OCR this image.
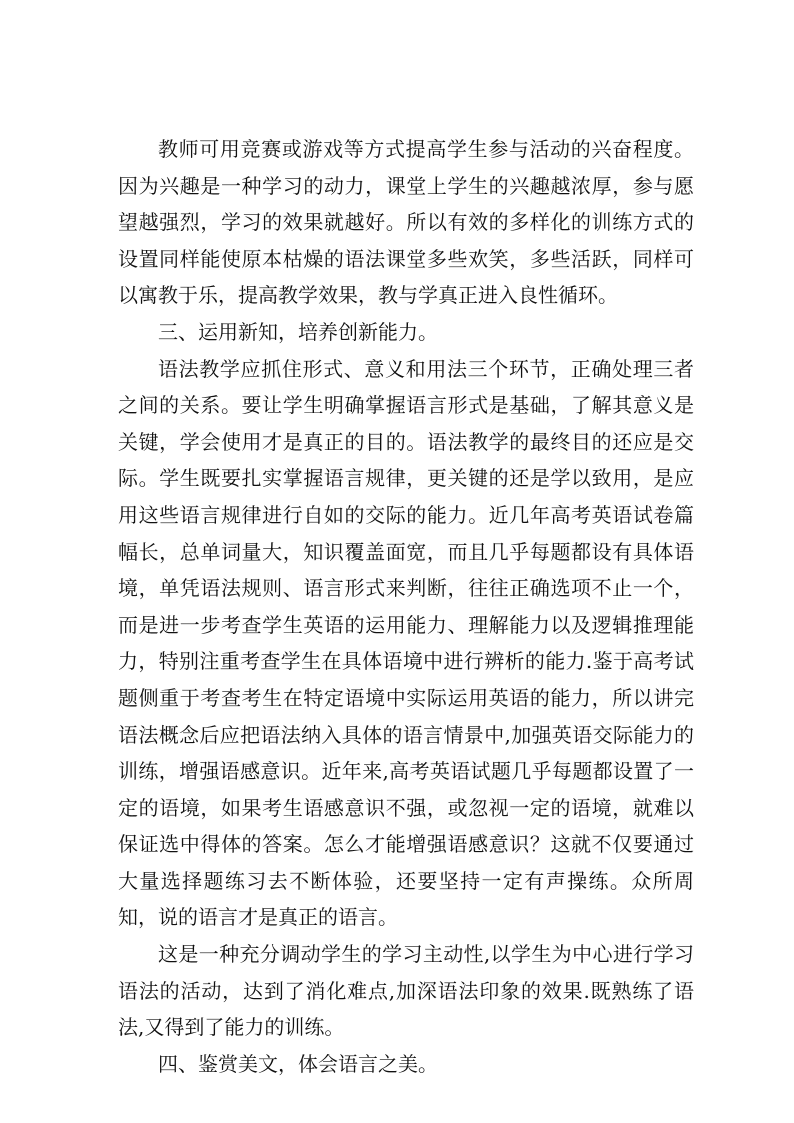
教师可用竞赛或游戏等方式提高学生参与活动的兴奋程度。因为兴趣是一种学习的动力，课堂上学生的兴趣越浓厚，参与愿望越强烈，学习的效果就越好。所以有效的多样化的训练方式的设置同样能使原本枯燥的语法课堂多些欢笑，多些活跃，同样可以寓教于乐，提高教学效果，教与学真正进入良性循环。

三、运用新知，培养创新能力。

语法教学应抓住形式、意义和用法三个环节，正确处理三者之间的关系。要让学生明确掌握语言形式是基础，了解其意义是关键，学会使用才是真正的目的。语法教学的最终目的还应是交际。学生既要扎实掌握语言规律，更关键的还是学以致用，是应用这些语言规律进行自如的交际的能力。近几年高考英语试卷篇幅长，总单词量大，知识覆盖面宽，而且几乎每题都设有具体语境，单凭语法规则、语言形式来判断，往往正确选项不止一个，而是进一步考查学生英语的运用能力、理解能力以及逻辑推理能力，特别注重考查学生在具体语境中进行辨析的能力.鉴于高考试题侧重于考查考生在特定语境中实际运用英语的能力，所以讲完语法概念后应把语法纳入具体的语言情景中,加强英语交际能力的训练，增强语感意识。近年来,高考英语试题几乎每题都设置了一定的语境，如果考生语感意识不强，或忽视一定的语境，就难以保证选中得体的答案。怎么才能增强语感意识？这就不仅要通过大量选择题练习去不断体验，还要坚持一定有声操练。众所周知，说的语言才是真正的语言。

这是一种充分调动学生的学习主动性,以学生为中心进行学习语法的活动，达到了消化难点,加深语法印象的效果.既熟练了语法,又得到了能力的训练。

四、鉴赏美文，体会语言之美。
